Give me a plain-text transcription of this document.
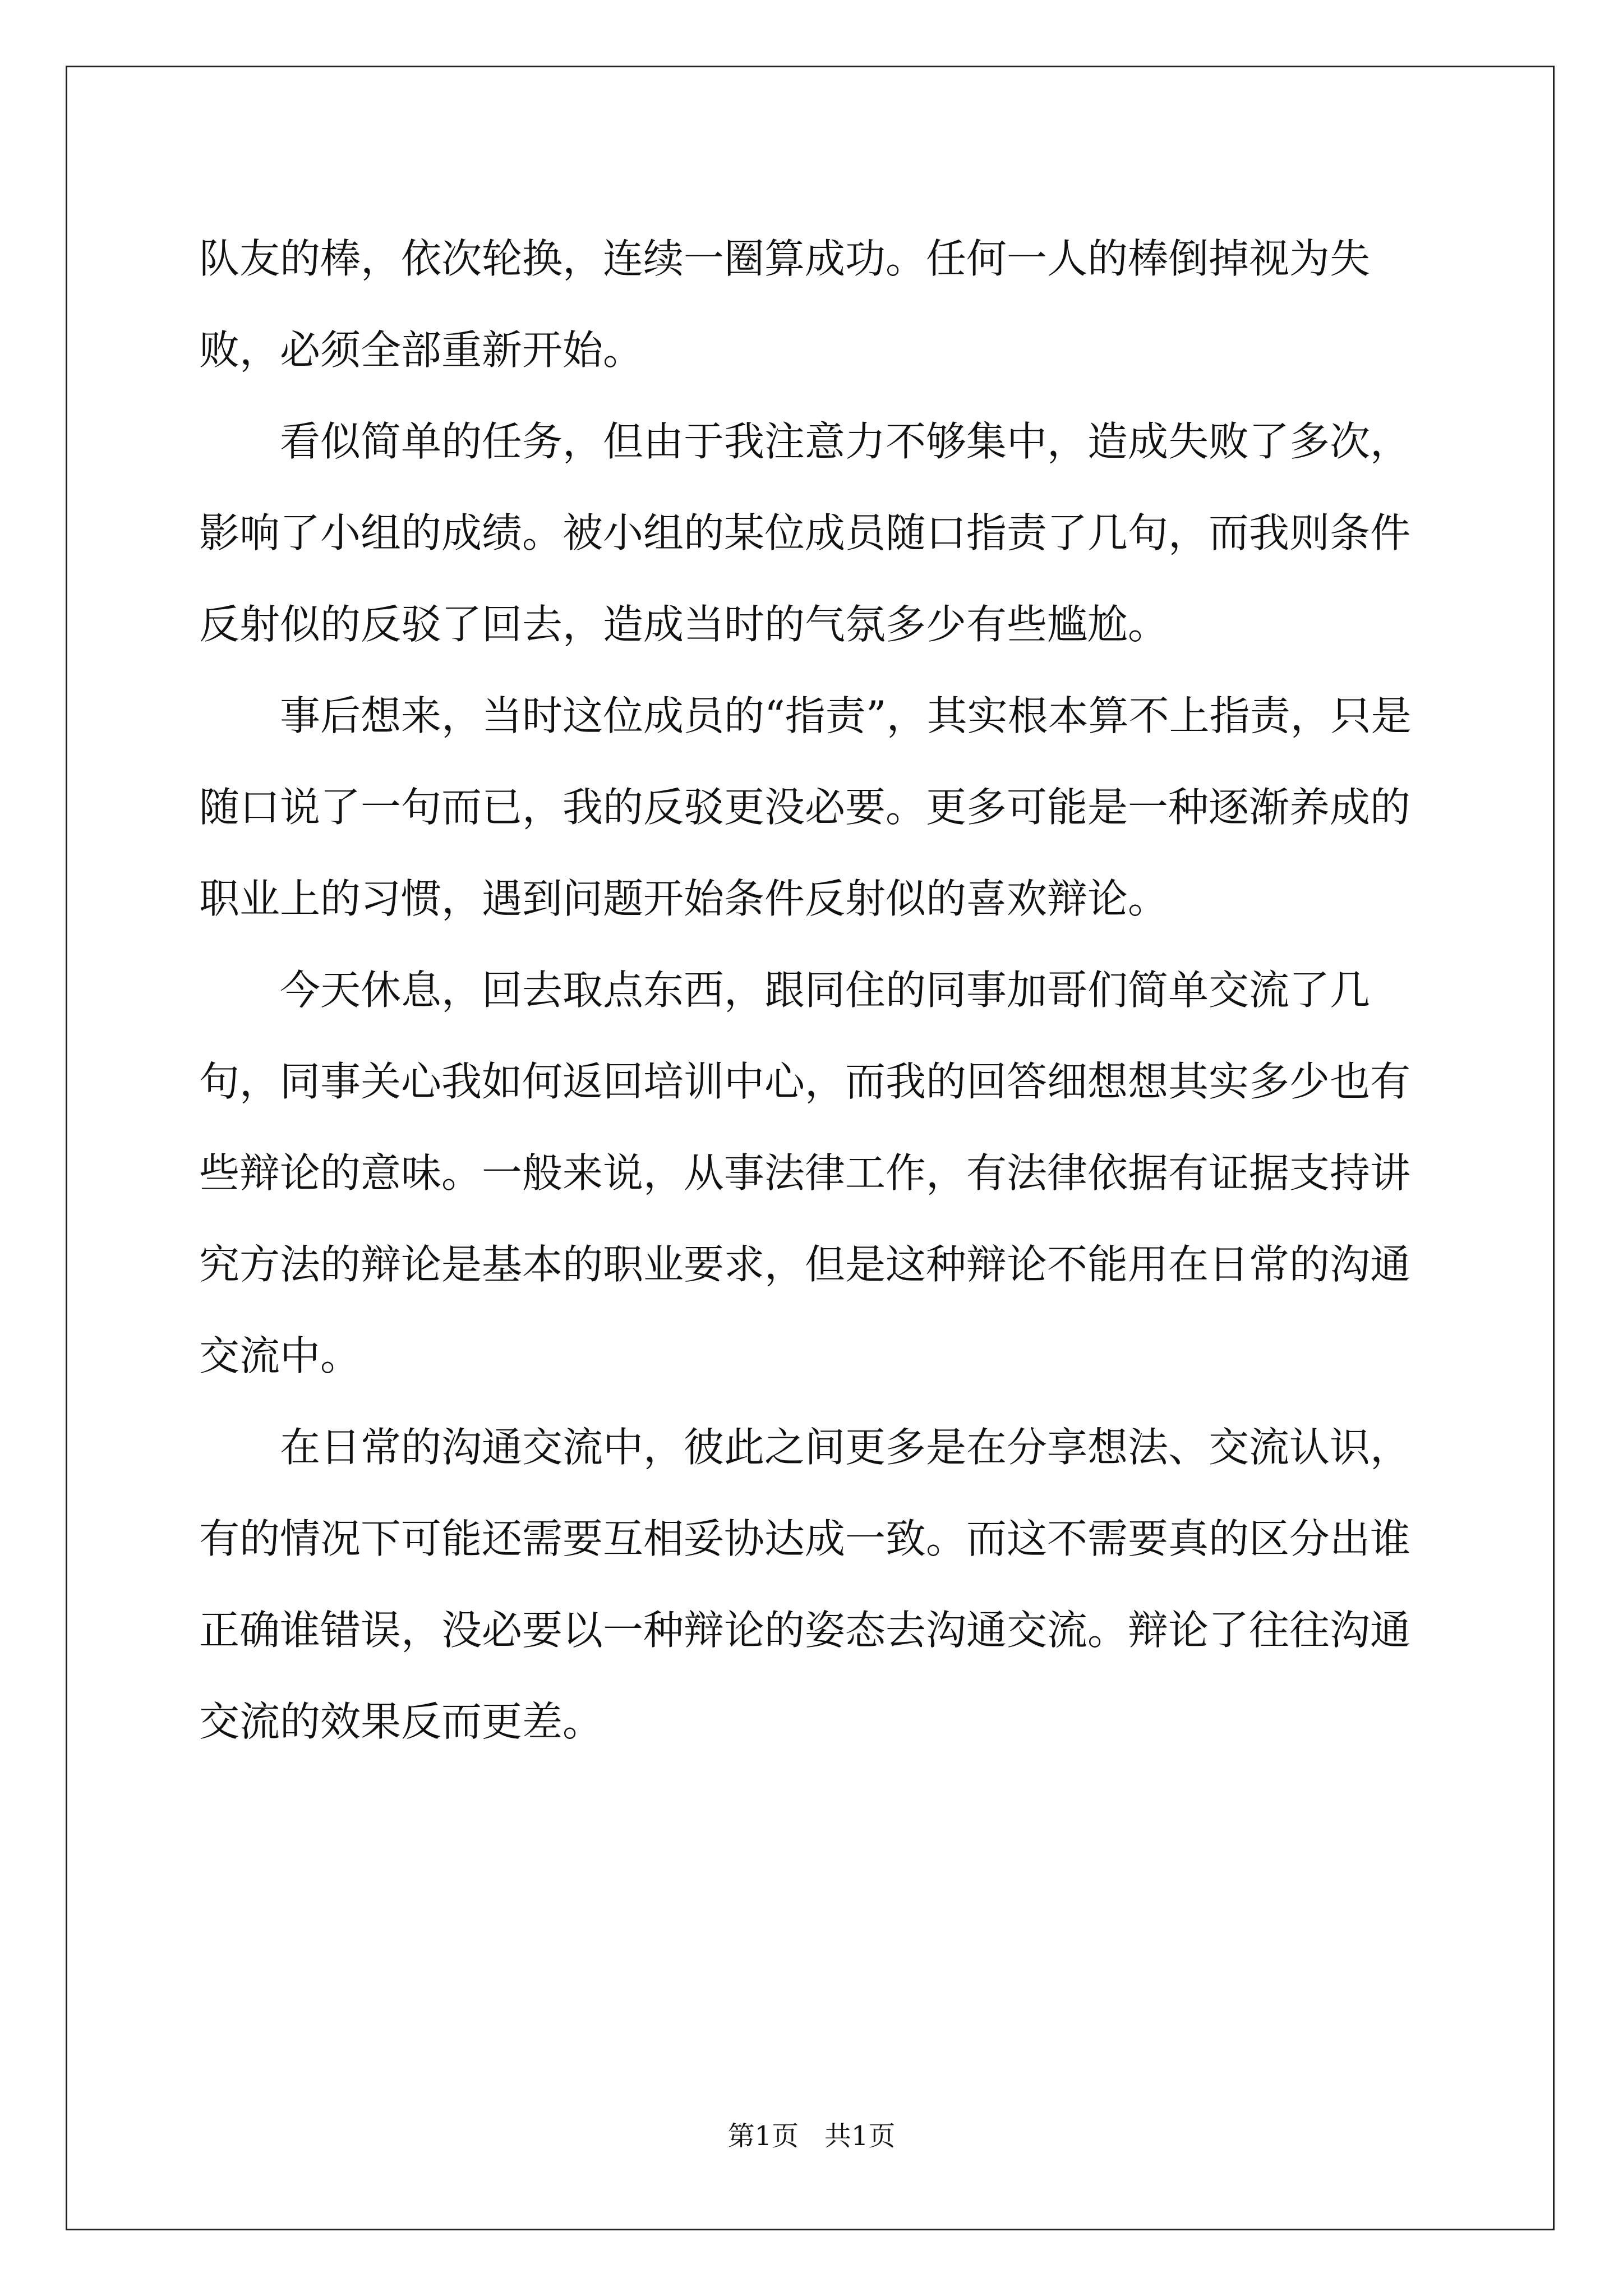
队友的棒，依次轮换，连续一圈算成功。任何一人的棒倒掉视为失败，必须全部重新开始。

看似简单的任务，但由于我注意力不够集中，造成失败了多次，影响了小组的成绩。被小组的某位成员随口指责了几句，而我则条件反射似的反驳了回去，造成当时的气氛多少有些尴尬。

事后想来，当时这位成员的“指责”，其实根本算不上指责，只是随口说了一句而已，我的反驳更没必要。更多可能是一种逐渐养成的职业上的习惯，遇到问题开始条件反射似的喜欢辩论。

今天休息，回去取点东西，跟同住的同事加哥们简单交流了几句，同事关心我如何返回培训中心，而我的回答细想想其实多少也有些辩论的意味。一般来说，从事法律工作，有法律依据有证据支持讲究方法的辩论是基本的职业要求，但是这种辩论不能用在日常的沟通交流中。

在日常的沟通交流中，彼此之间更多是在分享想法、交流认识，有的情况下可能还需要互相妥协达成一致。而这不需要真的区分出谁正确谁错误，没必要以一种辩论的姿态去沟通交流。辩论了往往沟通交流的效果反而更差。

第1页 共1页
